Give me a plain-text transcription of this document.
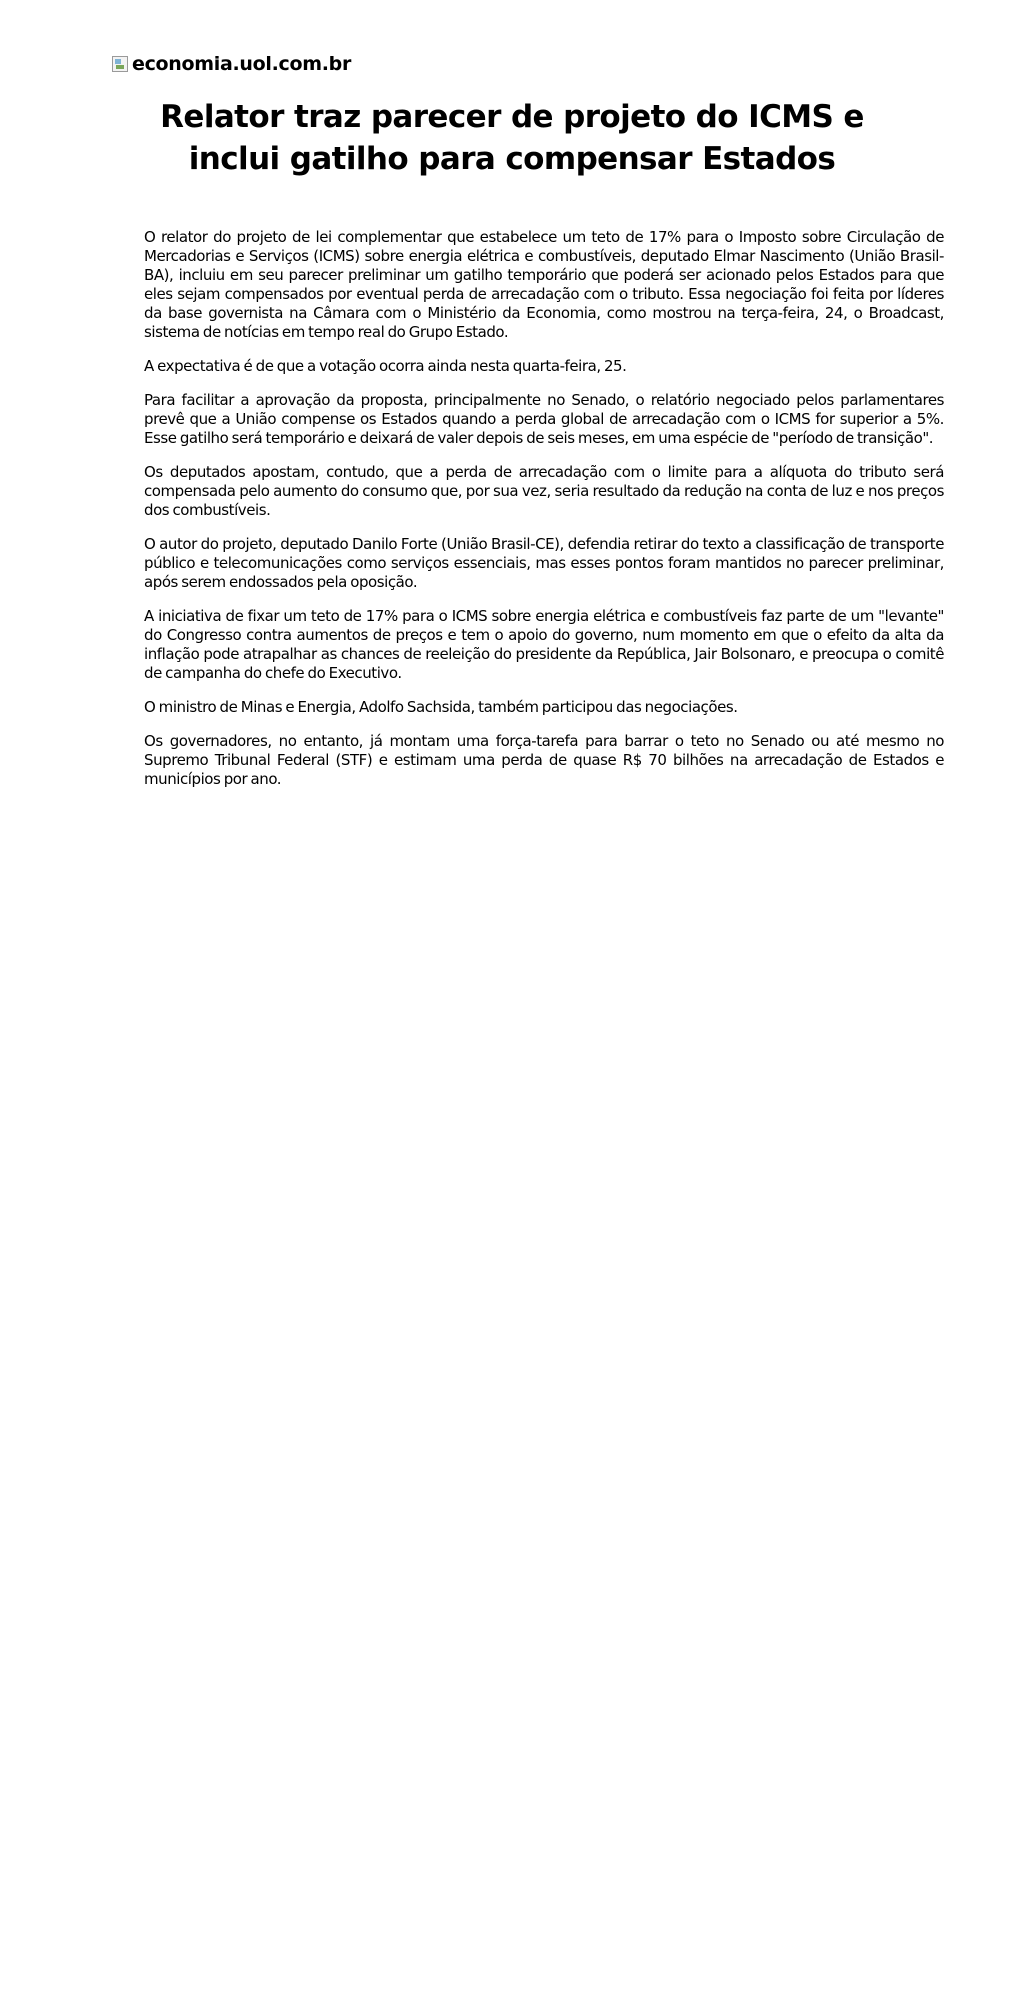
economia.uol.com.br
Relator traz parecer de projeto do ICMS e inclui gatilho para compensar Estados

O relator do projeto de lei complementar que estabelece um teto de 17% para o Imposto sobre Circulação de Mercadorias e Serviços (ICMS) sobre energia elétrica e combustíveis, deputado Elmar Nascimento (União Brasil-BA), incluiu em seu parecer preliminar um gatilho temporário que poderá ser acionado pelos Estados para que eles sejam compensados por eventual perda de arrecadação com o tributo. Essa negociação foi feita por líderes da base governista na Câmara com o Ministério da Economia, como mostrou na terça-feira, 24, o Broadcast, sistema de notícias em tempo real do Grupo Estado.

A expectativa é de que a votação ocorra ainda nesta quarta-feira, 25.

Para facilitar a aprovação da proposta, principalmente no Senado, o relatório negociado pelos parlamentares prevê que a União compense os Estados quando a perda global de arrecadação com o ICMS for superior a 5%. Esse gatilho será temporário e deixará de valer depois de seis meses, em uma espécie de "período de transição".

Os deputados apostam, contudo, que a perda de arrecadação com o limite para a alíquota do tributo será compensada pelo aumento do consumo que, por sua vez, seria resultado da redução na conta de luz e nos preços dos combustíveis.

O autor do projeto, deputado Danilo Forte (União Brasil-CE), defendia retirar do texto a classificação de transporte público e telecomunicações como serviços essenciais, mas esses pontos foram mantidos no parecer preliminar, após serem endossados pela oposição.

A iniciativa de fixar um teto de 17% para o ICMS sobre energia elétrica e combustíveis faz parte de um "levante" do Congresso contra aumentos de preços e tem o apoio do governo, num momento em que o efeito da alta da inflação pode atrapalhar as chances de reeleição do presidente da República, Jair Bolsonaro, e preocupa o comitê de campanha do chefe do Executivo.

O ministro de Minas e Energia, Adolfo Sachsida, também participou das negociações.

Os governadores, no entanto, já montam uma força-tarefa para barrar o teto no Senado ou até mesmo no Supremo Tribunal Federal (STF) e estimam uma perda de quase R$ 70 bilhões na arrecadação de Estados e municípios por ano.
